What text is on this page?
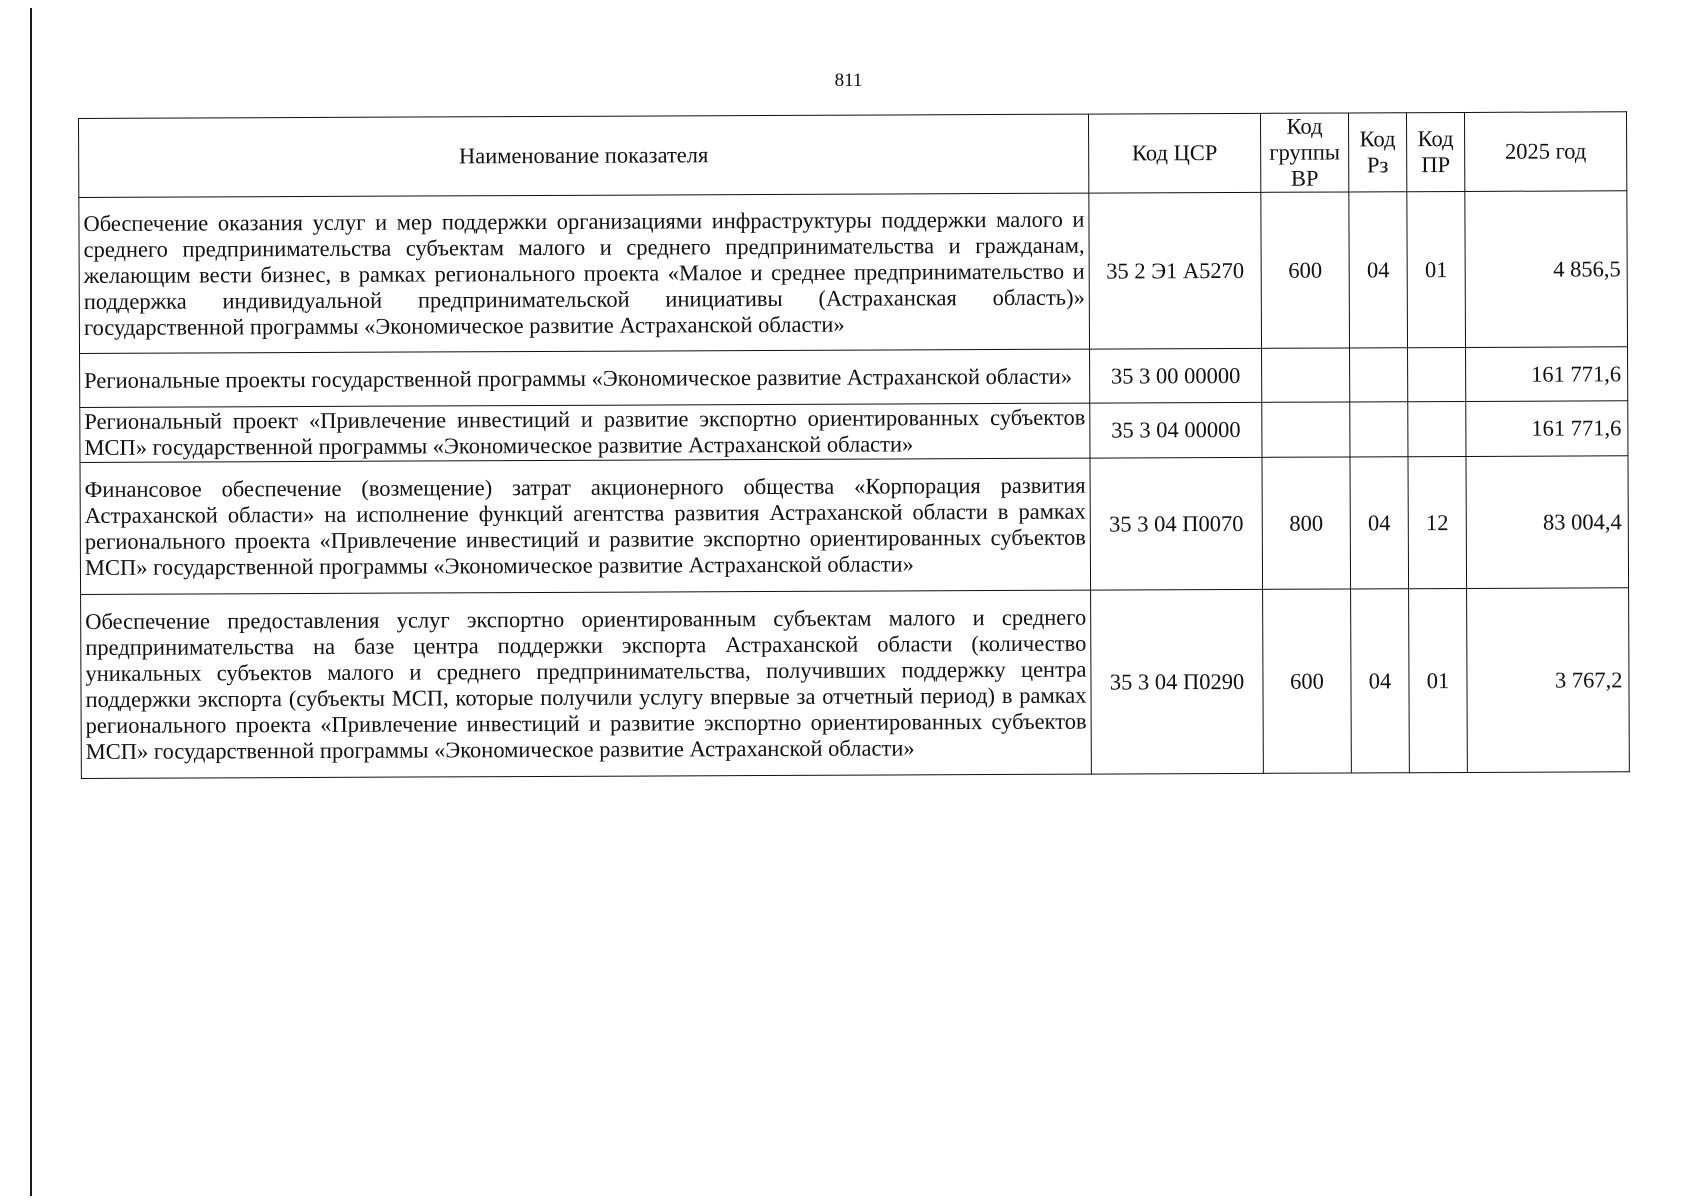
811
Наименование показателя	Код ЦСР	Код группы ВР	Код Рз	Код ПР	2025 год
Обеспечение оказания услуг и мер поддержки организациями инфраструктуры поддержки малого и среднего предпринимательства субъектам малого и среднего предпринимательства и гражданам, желающим вести бизнес, в рамках регионального проекта «Малое и среднее предпринимательство и поддержка индивидуальной предпринимательской инициативы (Астраханская область)» государственной программы «Экономическое развитие Астраханской области»	35 2 Э1 А5270	600	04	01	4 856,5
Региональные проекты государственной программы «Экономическое развитие Астраханской области»	35 3 00 00000				161 771,6
Региональный проект «Привлечение инвестиций и развитие экспортно ориентированных субъектов МСП» государственной программы «Экономическое развитие Астраханской области»	35 3 04 00000				161 771,6
Финансовое обеспечение (возмещение) затрат акционерного общества «Корпорация развития Астраханской области» на исполнение функций агентства развития Астраханской области в рамках регионального проекта «Привлечение инвестиций и развитие экспортно ориентированных субъектов МСП» государственной программы «Экономическое развитие Астраханской области»	35 3 04 П0070	800	04	12	83 004,4
Обеспечение предоставления услуг экспортно ориентированным субъектам малого и среднего предпринимательства на базе центра поддержки экспорта Астраханской области (количество уникальных субъектов малого и среднего предпринимательства, получивших поддержку центра поддержки экспорта (субъекты МСП, которые получили услугу впервые за отчетный период) в рамках регионального проекта «Привлечение инвестиций и развитие экспортно ориентированных субъектов МСП» государственной программы «Экономическое развитие Астраханской области»	35 3 04 П0290	600	04	01	3 767,2
